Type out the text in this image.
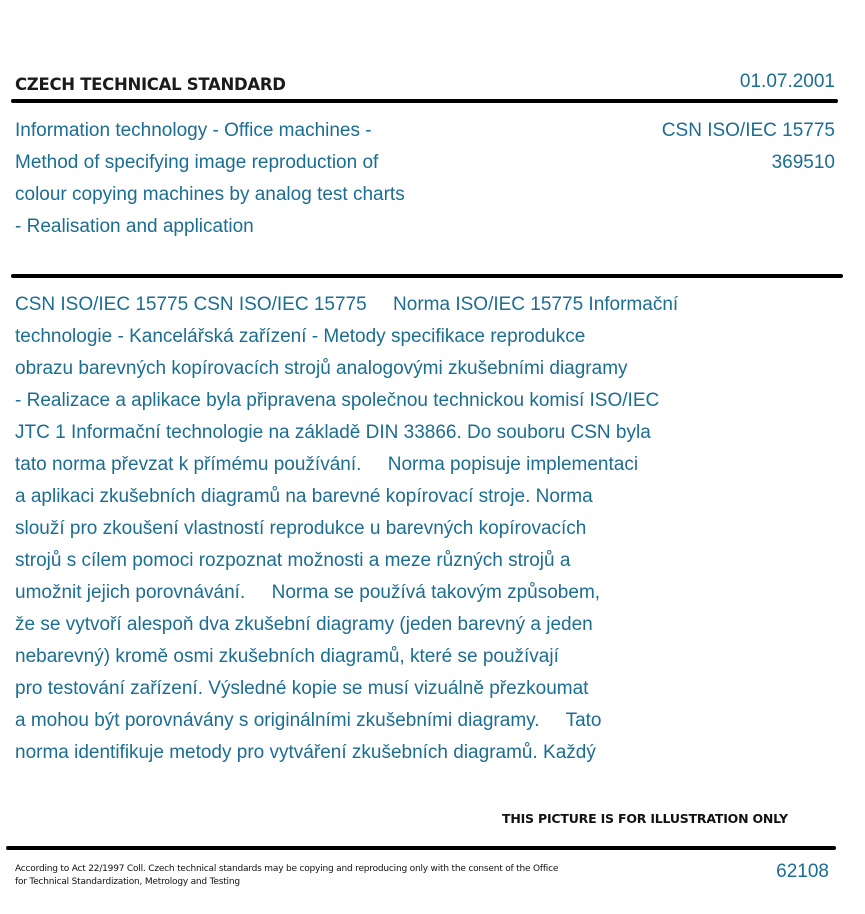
CZECH TECHNICAL STANDARD	01.07.2001
Information technology - Office machines -
Method of specifying image reproduction of
colour copying machines by analog test charts
- Realisation and application
CSN ISO/IEC 15775
369510
CSN ISO/IEC 15775 CSN ISO/IEC 15775     Norma ISO/IEC 15775 Informační
technologie - Kancelářská zařízení - Metody specifikace reprodukce
obrazu barevných kopírovacích strojů analogovými zkušebními diagramy
- Realizace a aplikace byla připravena společnou technickou komisí ISO/IEC
JTC 1 Informační technologie na základě DIN 33866. Do souboru CSN byla
tato norma převzat k přímému používání.     Norma popisuje implementaci
a aplikaci zkušebních diagramů na barevné kopírovací stroje. Norma
slouží pro zkoušení vlastností reprodukce u barevných kopírovacích
strojů s cílem pomoci rozpoznat možnosti a meze různých strojů a
umožnit jejich porovnávání.     Norma se používá takovým způsobem,
že se vytvoří alespoň dva zkušební diagramy (jeden barevný a jeden
nebarevný) kromě osmi zkušebních diagramů, které se používají
pro testování zařízení. Výsledné kopie se musí vizuálně přezkoumat
a mohou být porovnávány s originálními zkušebními diagramy.     Tato
norma identifikuje metody pro vytváření zkušebních diagramů. Každý
THIS PICTURE IS FOR ILLUSTRATION ONLY
According to Act 22/1997 Coll. Czech technical standards may be copying and reproducing only with the consent of the Office
for Technical Standardization, Metrology and Testing	62108
